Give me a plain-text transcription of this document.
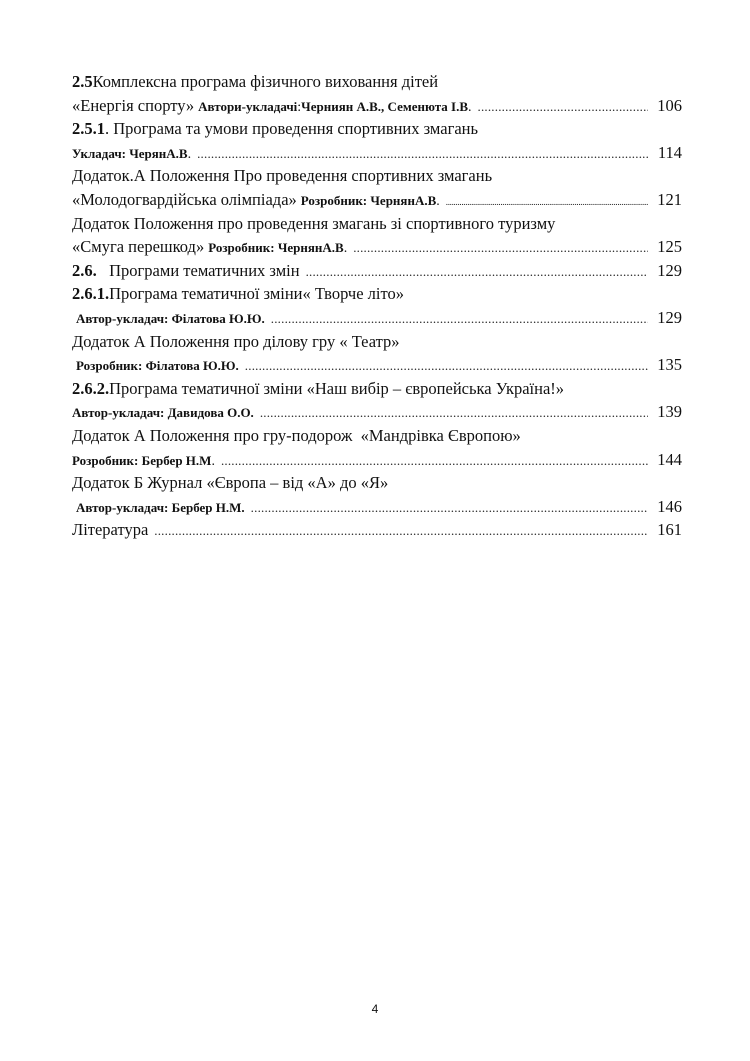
2.5 Комплексна програма фізичного виховання дітей
«Енергія спорту»
Автори-укладачі : Черниян А.В., Семенюта І.В . .....	106
2.5.1 . Програма та умови проведення спортивних змагань
Укладач: ЧерянА.В . .....	114
Додаток.А Положення Про проведення спортивних змагань
«Молодогвардійська олімпіада»
Розробник: ЧернянА.В . .....	121
Додаток Положення про проведення змагань зі спортивного туризму
«Смуга перешкод»
Розробник: ЧернянА.В . .....	125
2.6. Програми тематичних змін .....	129
2.6.1. Програма тематичної зміни« Творче літо»
Автор-укладач: Філатова Ю.Ю. .....	129
Додаток А Положення про ділову гру « Театр»
Розробник: Філатова Ю.Ю. .....	135
2.6.2. Програма тематичної зміни «Наш вибір – європейська Україна!»
Автор-укладач: Давидова О.О. .....	139
Додаток А Положення про гру-подорож  «Мандрівка Європою»
Розробник: Бербер Н.М . .....	144
Додаток Б Журнал «Європа – від «А» до «Я»
Автор-укладач: Бербер Н.М. .....	146
Література .....	161
4
